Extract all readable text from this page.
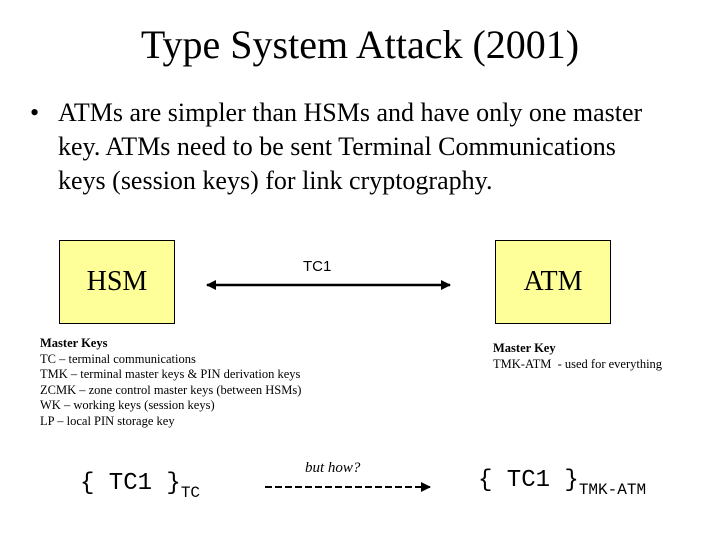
Type System Attack (2001)
• ATMs are simpler than HSMs and have only one master
key. ATMs need to be sent Terminal Communications
keys (session keys) for link cryptography.
HSM	ATM
TC1
Master Keys
TC – terminal communications
TMK – terminal master keys & PIN derivation keys
ZCMK – zone control master keys (between HSMs)
WK – working keys (session keys)
LP – local PIN storage key
Master Key
TMK-ATM  - used for everything
{ TC1 }$_{TC}$
but how?	{ TC1 }$_{TMK-ATM}$
